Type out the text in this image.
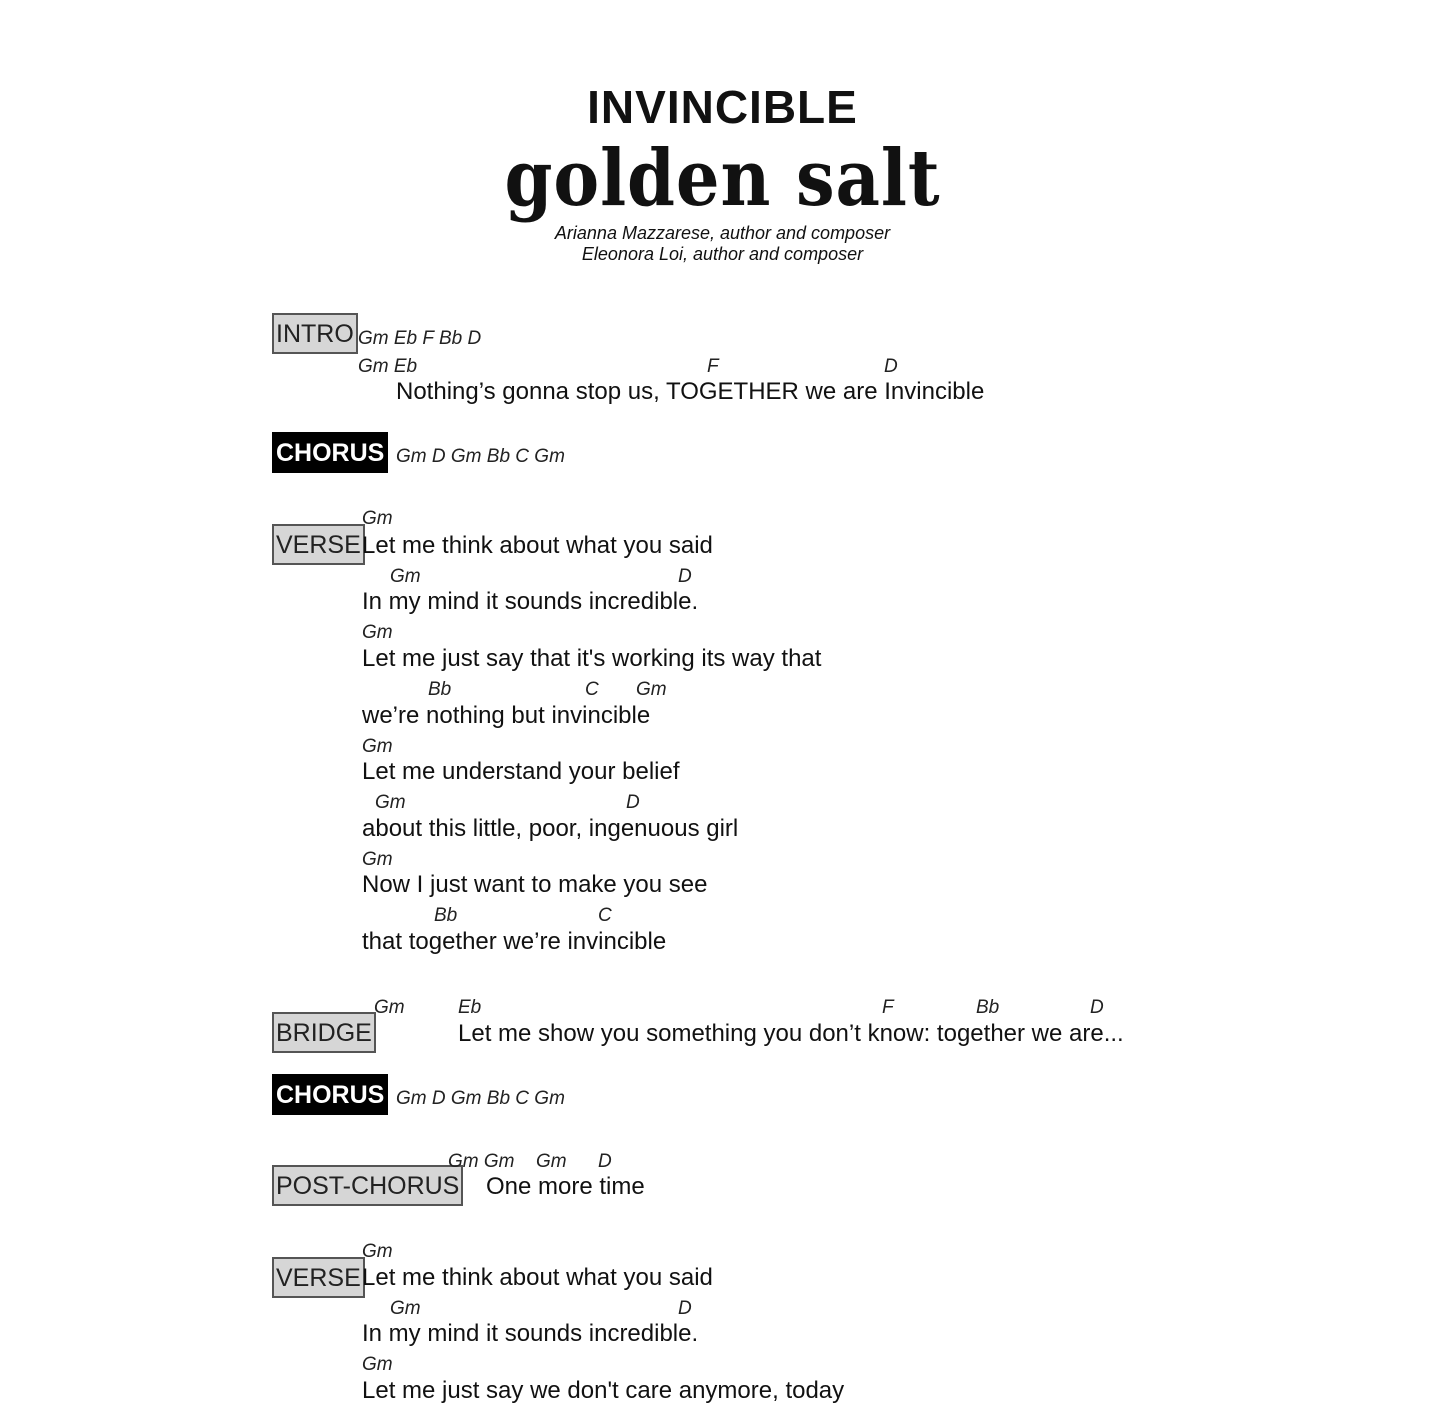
INVINCIBLE
golden salt
Arianna Mazzarese, author and composer
Eleonora Loi, author and composer
INTRO Gm Eb F Bb D
Gm Eb	F	D
Nothing’s gonna stop us, TOGETHER we are Invincible
CHORUS Gm D Gm Bb C Gm
VERSE
Gm
Let me think about what you said
Gm	D
In my mind it sounds incredible.
Gm
Let me just say that it's working its way that
Bb	C Gm
we’re nothing but invincible
Gm
Let me understand your belief
Gm	D
about this little, poor, ingenuous girl
Gm
Now I just want to make you see
Bb	C
that together we’re invincible
BRIDGE
Gm	Eb	F	Bb	D
Let me show you something you don’t know: together we are...
CHORUS Gm D Gm Bb C Gm
POST-CHORUS
Gm Gm Gm D
One more time
VERSE
Gm
Let me think about what you said
Gm	D
In my mind it sounds incredible.
Gm
Let me just say we don't care anymore, today
